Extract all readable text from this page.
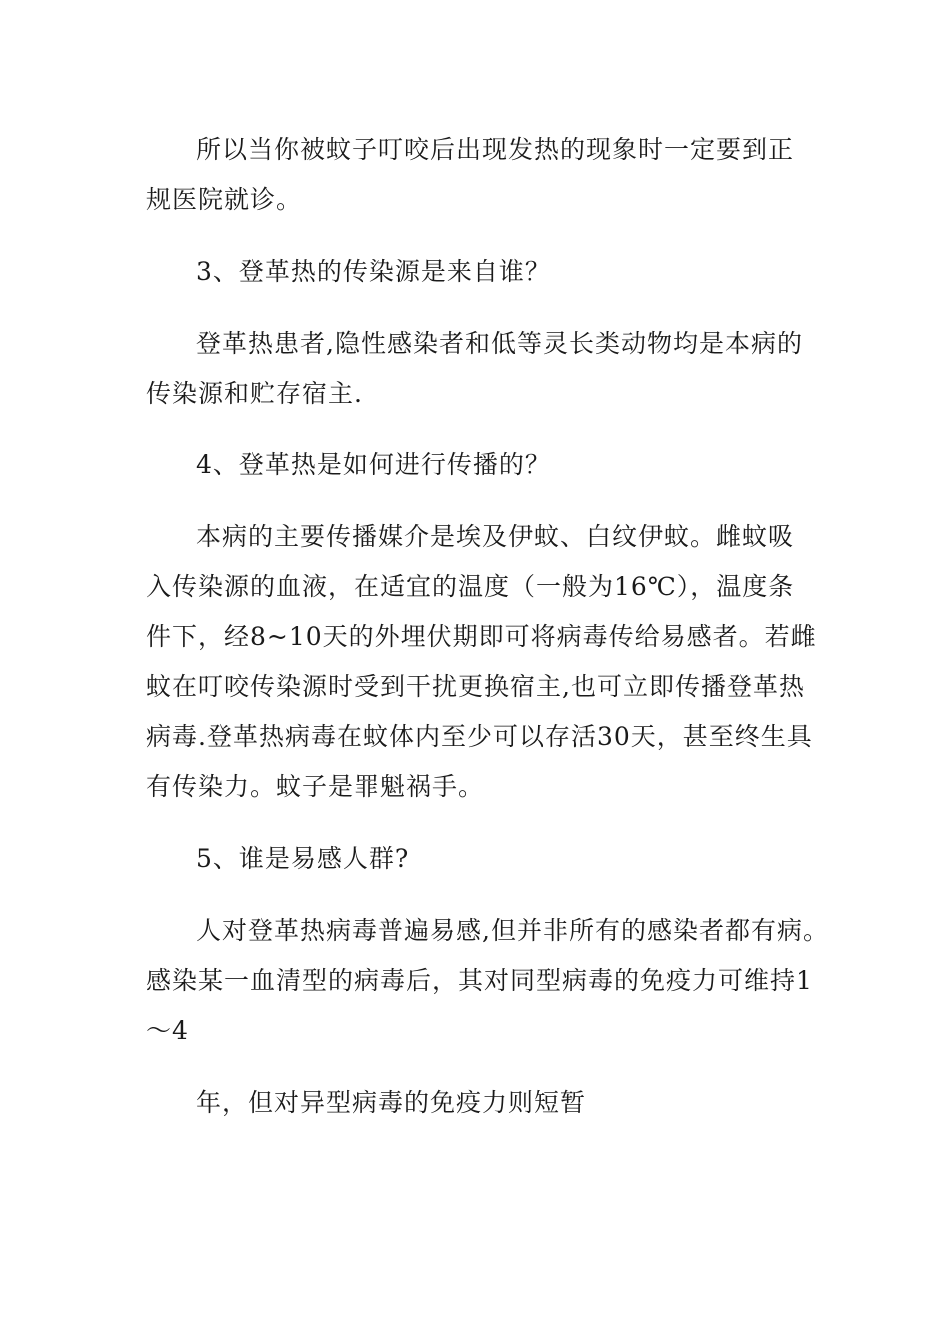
所以当你被蚊子叮咬后出现发热的现象时一定要到正

规医院就诊。

3、登革热的传染源是来自谁？

登革热患者,隐性感染者和低等灵长类动物均是本病的

传染源和贮存宿主.

4、登革热是如何进行传播的？

本病的主要传播媒介是埃及伊蚊、白纹伊蚊。雌蚊吸

入传染源的血液，在适宜的温度（一般为16℃），温度条

件下，经8~10天的外埋伏期即可将病毒传给易感者。若雌

蚊在叮咬传染源时受到干扰更换宿主,也可立即传播登革热

病毒.登革热病毒在蚊体内至少可以存活30天，甚至终生具

有传染力。蚊子是罪魁祸手。

5、谁是易感人群?

人对登革热病毒普遍易感,但并非所有的感染者都有病。

感染某一血清型的病毒后，其对同型病毒的免疫力可维持1

～4

年，但对异型病毒的免疫力则短暂
